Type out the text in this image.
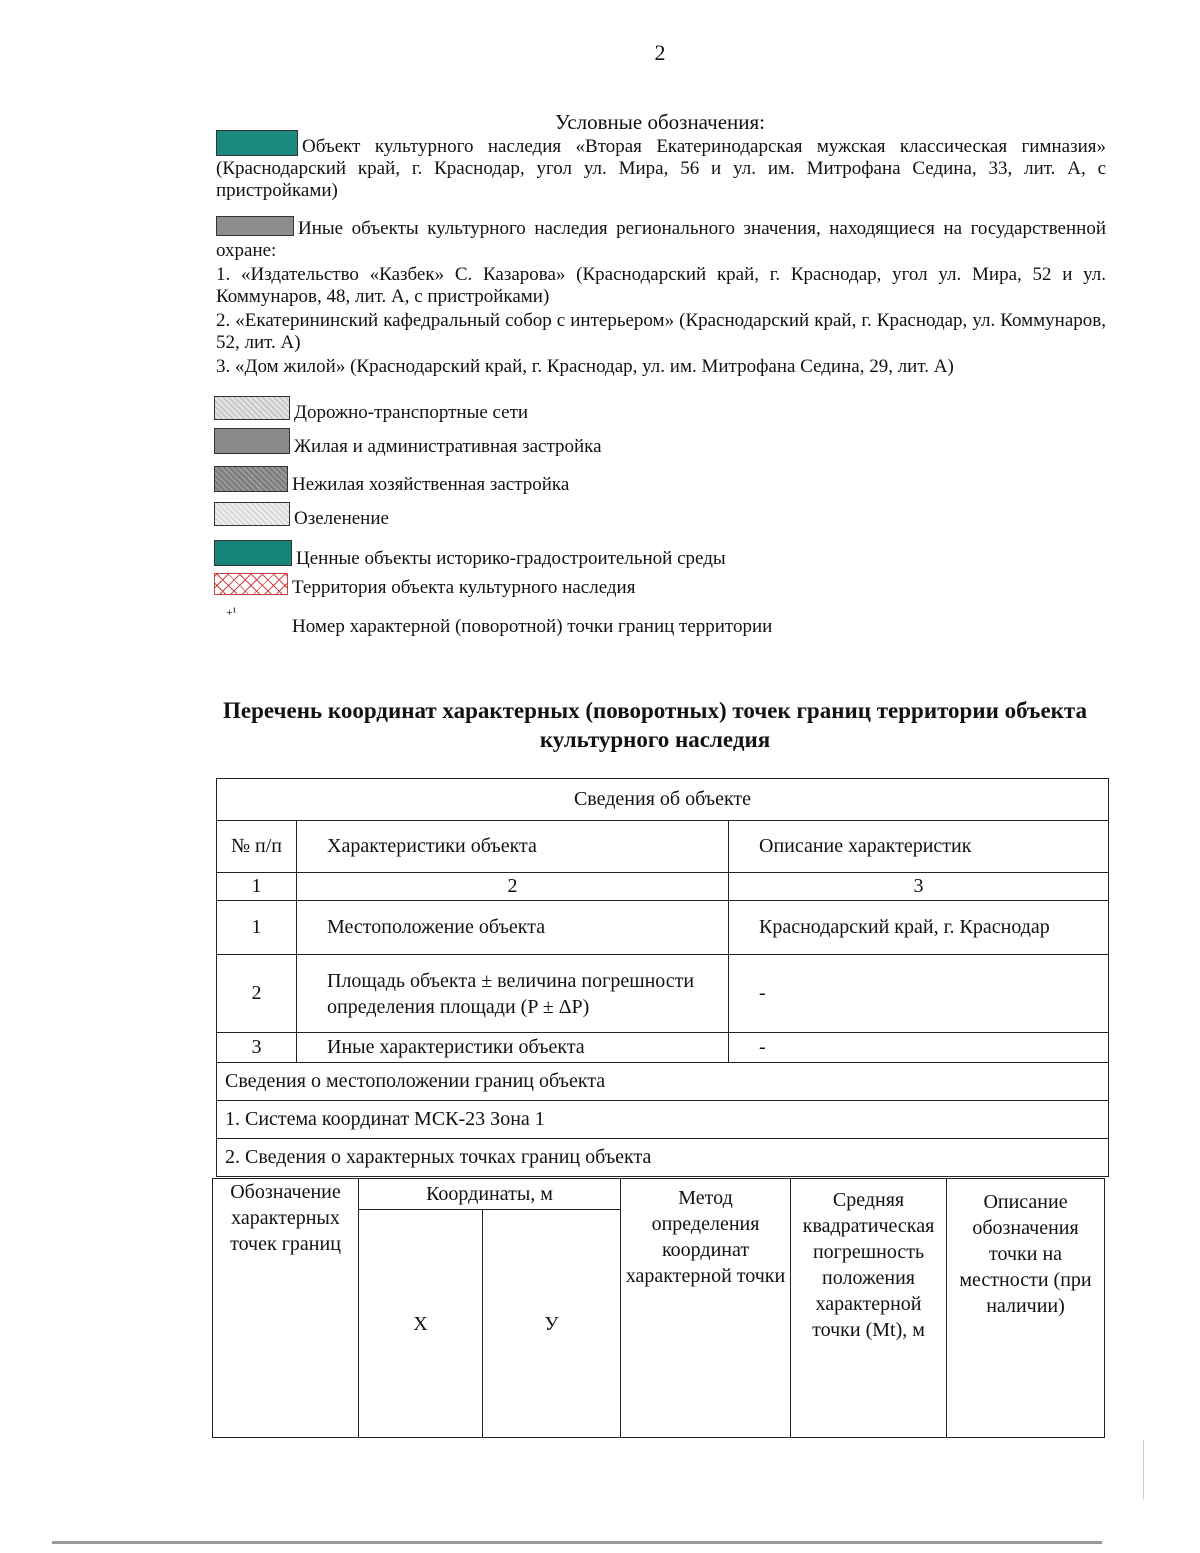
2
Условные обозначения:

Объект культурного наследия «Вторая Екатеринодарская мужская классическая гимназия» (Краснодарский край, г. Краснодар, угол ул. Мира, 56 и ул. им. Митрофана Седина, 33, лит. А, с пристройками)

Иные объекты культурного наследия регионального значения, находящиеся на государственной охране:

1. «Издательство «Казбек» С. Казарова» (Краснодарский край, г. Краснодар, угол ул. Мира, 52 и ул. Коммунаров, 48, лит. А, с пристройками)

2. «Екатерининский кафедральный собор с интерьером» (Краснодарский край, г. Краснодар, ул. Коммунаров, 52, лит. А)

3. «Дом жилой» (Краснодарский край, г. Краснодар, ул. им. Митрофана Седина, 29, лит. А)

Дорожно-транспортные сети
Жилая и административная застройка
Нежилая хозяйственная застройка
Озеленение
Ценные объекты историко-градостроительной среды
Территория объекта культурного наследия
+¹
Номер характерной (поворотной) точки границ территории
Перечень координат характерных (поворотных) точек границ территории объекта культурного наследия
Сведения об объекте		
№ п/п	Характеристики объекта	Описание характеристик
1	2	3
1	Местоположение объекта	Краснодарский край, г. Краснодар
2	Площадь объекта ± величина погрешности определения площади (P ± ΔP)	-
3	Иные характеристики объекта	-
Сведения о местоположении границ объекта		
1. Система координат МСК-23 Зона 1		
2. Сведения о характерных точках границ объекта		
Обозначение характерных точек границ	Координаты, м		Метод определения координат характерной точки	Средняя квадратическая погрешность положения характерной точки (Mt), м	Описание обозначения точки на местности (при наличии)
	X	У			
